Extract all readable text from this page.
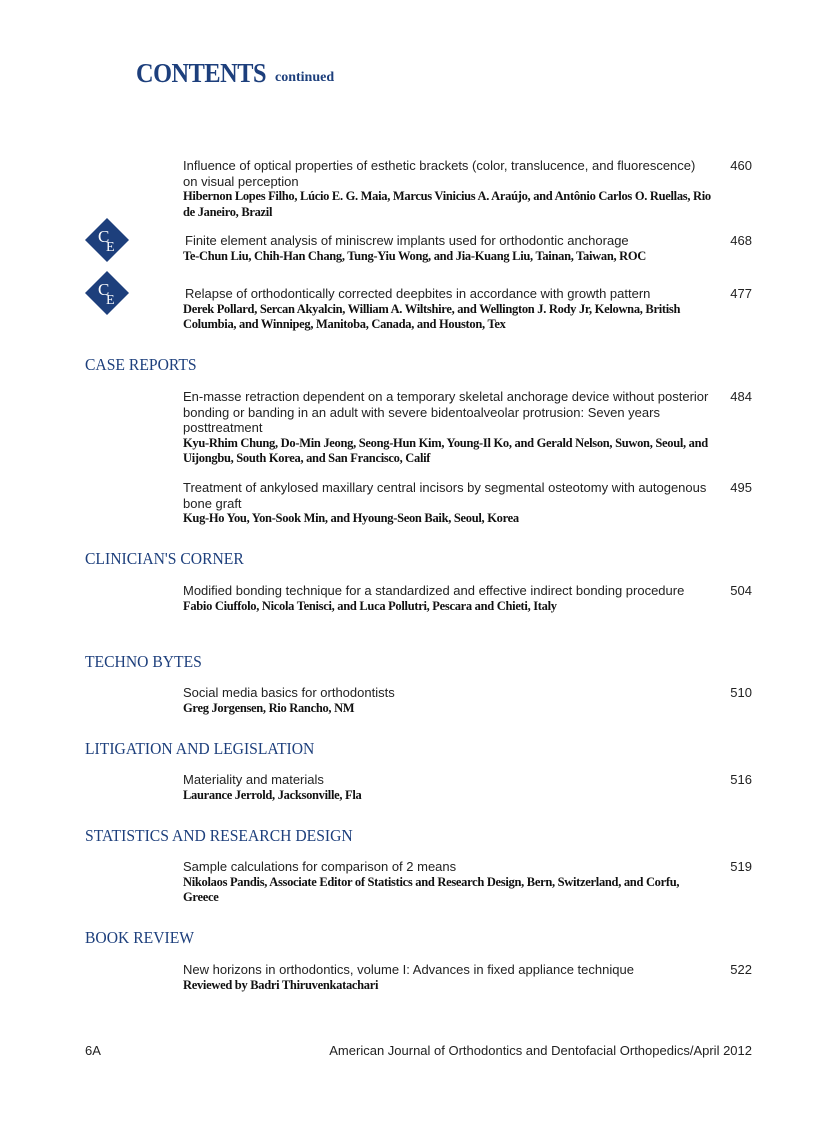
CONTENTS continued
Influence of optical properties of esthetic brackets (color, translucence, and fluorescence) on visual perception
Hibernon Lopes Filho, Lúcio E. G. Maia, Marcus Vinicius A. Araújo, and Antônio Carlos O. Ruellas, Rio de Janeiro, Brazil
460
Finite element analysis of miniscrew implants used for orthodontic anchorage
Te-Chun Liu, Chih-Han Chang, Tung-Yiu Wong, and Jia-Kuang Liu, Tainan, Taiwan, ROC
468
C
E
Relapse of orthodontically corrected deepbites in accordance with growth pattern
Derek Pollard, Sercan Akyalcin, William A. Wiltshire, and Wellington J. Rody Jr, Kelowna, British Columbia, and Winnipeg, Manitoba, Canada, and Houston, Tex
477
C
E
CASE REPORTS
En-masse retraction dependent on a temporary skeletal anchorage device without posterior bonding or banding in an adult with severe bidentoalveolar protrusion: Seven years posttreatment
Kyu-Rhim Chung, Do-Min Jeong, Seong-Hun Kim, Young-Il Ko, and Gerald Nelson, Suwon, Seoul, and Uijongbu, South Korea, and San Francisco, Calif
484
Treatment of ankylosed maxillary central incisors by segmental osteotomy with autogenous bone graft
Kug-Ho You, Yon-Sook Min, and Hyoung-Seon Baik, Seoul, Korea
495
CLINICIAN'S CORNER
Modified bonding technique for a standardized and effective indirect bonding procedure
Fabio Ciuffolo, Nicola Tenisci, and Luca Pollutri, Pescara and Chieti, Italy
504
TECHNO BYTES
Social media basics for orthodontists
Greg Jorgensen, Rio Rancho, NM
510
LITIGATION AND LEGISLATION
Materiality and materials
Laurance Jerrold, Jacksonville, Fla
516
STATISTICS AND RESEARCH DESIGN
Sample calculations for comparison of 2 means
Nikolaos Pandis, Associate Editor of Statistics and Research Design, Bern, Switzerland, and Corfu, Greece
519
BOOK REVIEW
New horizons in orthodontics, volume I: Advances in fixed appliance technique
Reviewed by Badri Thiruvenkatachari
522
6A	American Journal of Orthodontics and Dentofacial Orthopedics/April 2012
